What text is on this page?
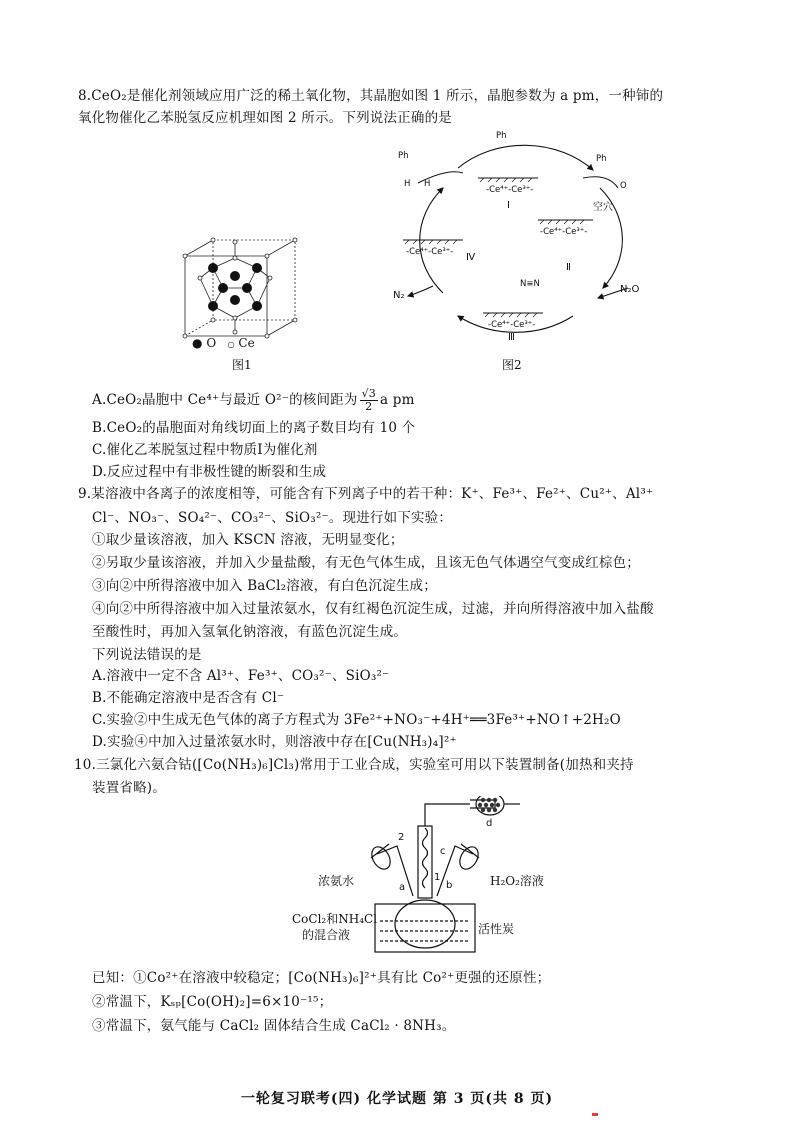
8.CeO₂是催化剂领域应用广泛的稀土氧化物，其晶胞如图 1 所示，晶胞参数为 a pm，一种铈的
氧化物催化乙苯脱氢反应机理如图 2 所示。下列说法正确的是
● O ○ Ce
图1
Ph
H H
Ph
Ph
O
-Ce⁴⁺-Ce³⁺-
Ⅰ	空穴
-Ce⁴⁺-Ce³⁺-
Ⅱ
-Ce⁴⁺-Ce³⁺- Ⅳ
N≡N
-Ce⁴⁺-Ce³⁺-
Ⅲ
N₂
N₂O
图2
A.CeO₂晶胞中 Ce⁴⁺与最近 O²⁻的核间距为 $\frac{√3}{2}$ a pm
B.CeO₂的晶胞面对角线切面上的离子数目均有 10 个
C.催化乙苯脱氢过程中物质Ⅰ为催化剂
D.反应过程中有非极性键的断裂和生成
9.某溶液中各离子的浓度相等，可能含有下列离子中的若干种：K⁺、Fe³⁺、Fe²⁺、Cu²⁺、Al³⁺
Cl⁻、NO₃⁻、SO₄²⁻、CO₃²⁻、SiO₃²⁻。现进行如下实验：
①取少量该溶液，加入 KSCN 溶液，无明显变化；
②另取少量该溶液，并加入少量盐酸，有无色气体生成，且该无色气体遇空气变成红棕色；
③向②中所得溶液中加入 BaCl₂溶液，有白色沉淀生成；
④向②中所得溶液中加入过量浓氨水，仅有红褐色沉淀生成，过滤，并向所得溶液中加入盐酸
至酸性时，再加入氢氧化钠溶液，有蓝色沉淀生成。
下列说法错误的是
A.溶液中一定不含 Al³⁺、Fe³⁺、CO₃²⁻、SiO₃²⁻
B.不能确定溶液中是否含有 Cl⁻
C.实验②中生成无色气体的离子方程式为 3Fe²⁺+NO₃⁻+4H⁺══3Fe³⁺+NO↑+2H₂O
D.实验④中加入过量浓氨水时，则溶液中存在[Cu(NH₃)₄]²⁺
10.三氯化六氨合钴([Co(NH₃)₆]Cl₃)常用于工业合成，实验室可用以下装置制备(加热和夹持
装置省略)。
d
2
c
1
a	b
浓氨水	H₂O₂溶液
CoCl₂和NH₄Cl
的混合液	活性炭
已知：①Co²⁺在溶液中较稳定；[Co(NH₃)₆]²⁺具有比 Co²⁺更强的还原性；
②常温下，Kₛₚ[Co(OH)₂]=6×10⁻¹⁵；
③常温下，氨气能与 CaCl₂ 固体结合生成 CaCl₂ · 8NH₃。
一轮复习联考(四) 化学试题 第 3 页(共 8 页)
